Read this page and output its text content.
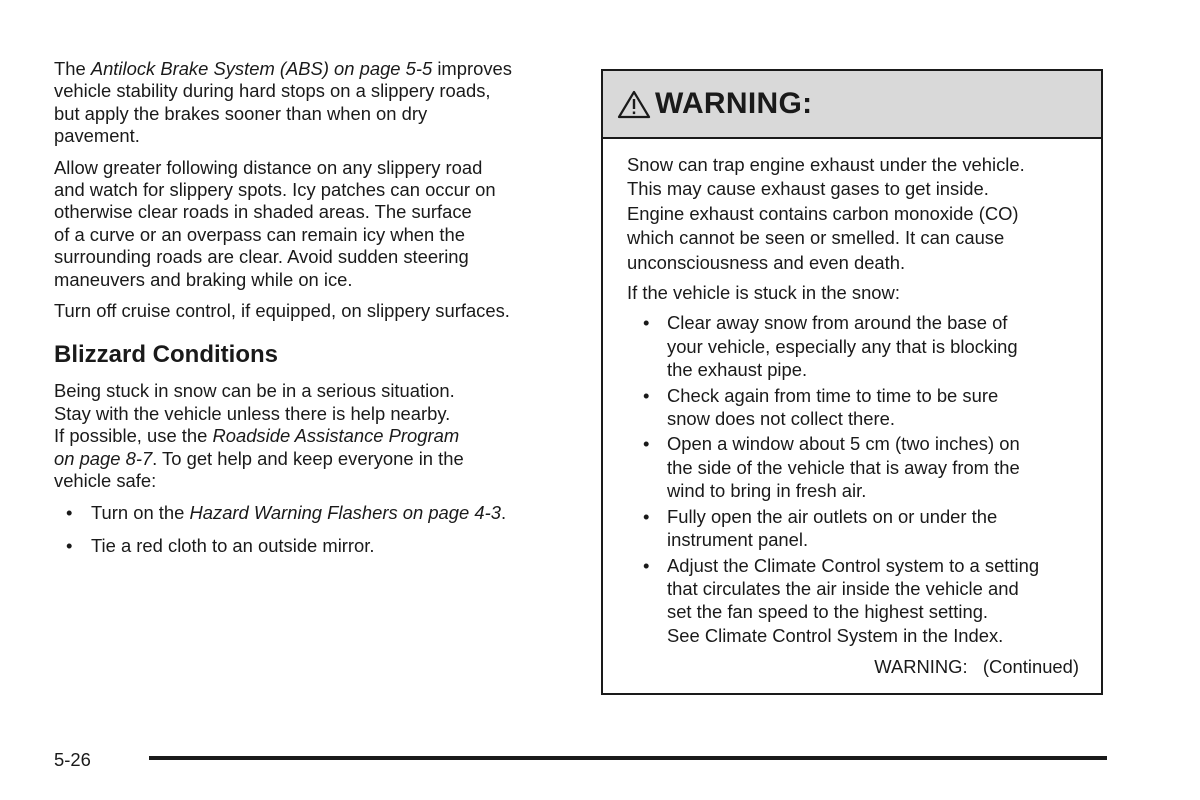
The Antilock Brake System (ABS) on page 5-5 improves
vehicle stability during hard stops on a slippery roads,
but apply the brakes sooner than when on dry
pavement.
Allow greater following distance on any slippery road
and watch for slippery spots. Icy patches can occur on
otherwise clear roads in shaded areas. The surface
of a curve or an overpass can remain icy when the
surrounding roads are clear. Avoid sudden steering
maneuvers and braking while on ice.
Turn off cruise control, if equipped, on slippery surfaces.
Blizzard Conditions
Being stuck in snow can be in a serious situation.
Stay with the vehicle unless there is help nearby.
If possible, use the Roadside Assistance Program
on page 8-7. To get help and keep everyone in the
vehicle safe:
• Turn on the Hazard Warning Flashers on page 4-3.
• Tie a red cloth to an outside mirror.
WARNING:
Snow can trap engine exhaust under the vehicle.
This may cause exhaust gases to get inside.
Engine exhaust contains carbon monoxide (CO)
which cannot be seen or smelled. It can cause
unconsciousness and even death.
If the vehicle is stuck in the snow:
• Clear away snow from around the base of
your vehicle, especially any that is blocking
the exhaust pipe.
• Check again from time to time to be sure
snow does not collect there.
• Open a window about 5 cm (two inches) on
the side of the vehicle that is away from the
wind to bring in fresh air.
• Fully open the air outlets on or under the
instrument panel.
• Adjust the Climate Control system to a setting
that circulates the air inside the vehicle and
set the fan speed to the highest setting.
See Climate Control System in the Index.
WARNING:   (Continued)
5-26
